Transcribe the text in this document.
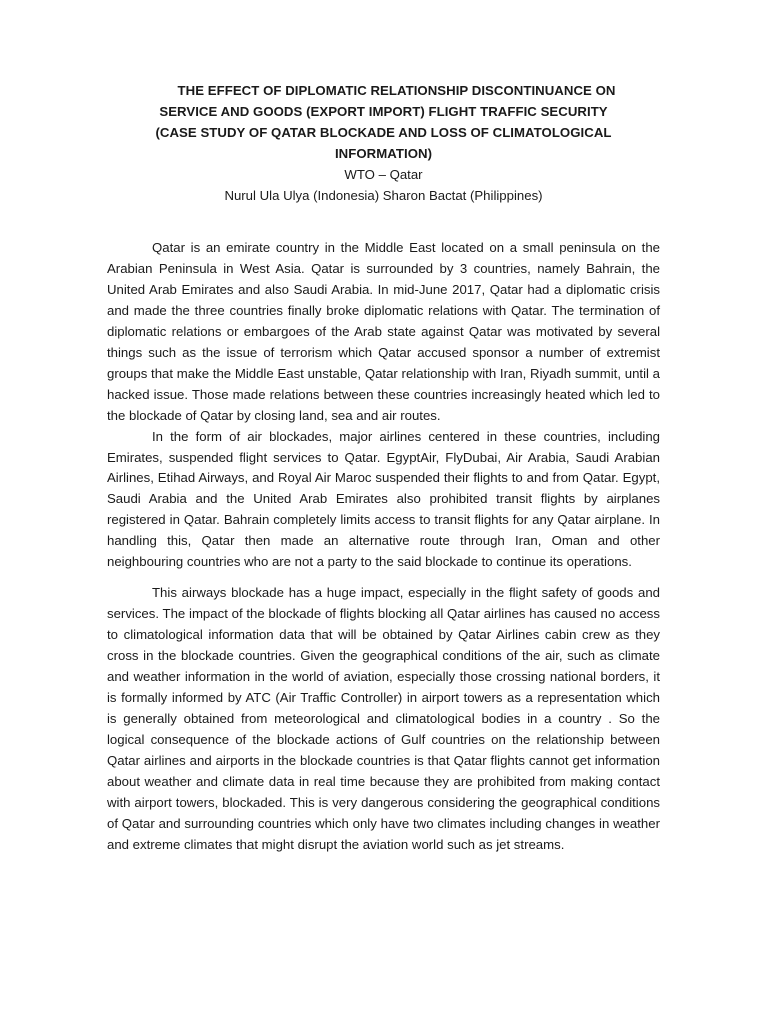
THE EFFECT OF DIPLOMATIC RELATIONSHIP DISCONTINUANCE ON
SERVICE AND GOODS (EXPORT IMPORT) FLIGHT TRAFFIC SECURITY
(CASE STUDY OF QATAR BLOCKADE AND LOSS OF CLIMATOLOGICAL
INFORMATION)
WTO – Qatar
Nurul Ula Ulya (Indonesia) Sharon Bactat (Philippines)

Qatar is an emirate country in the Middle East located on a small peninsula on the Arabian Peninsula in West Asia. Qatar is surrounded by 3 countries, namely Bahrain, the United Arab Emirates and also Saudi Arabia. In mid-June 2017, Qatar had a diplomatic crisis and made the three countries finally broke diplomatic relations with Qatar. The termination of diplomatic relations or embargoes of the Arab state against Qatar was motivated by several things such as the issue of terrorism which Qatar accused sponsor a number of extremist groups that make the Middle East unstable, Qatar relationship with Iran, Riyadh summit, until a hacked issue. Those made relations between these countries increasingly heated which led to the blockade of Qatar by closing land, sea and air routes.

In the form of air blockades, major airlines centered in these countries, including Emirates, suspended flight services to Qatar. EgyptAir, FlyDubai, Air Arabia, Saudi Arabian Airlines, Etihad Airways, and Royal Air Maroc suspended their flights to and from Qatar. Egypt, Saudi Arabia and the United Arab Emirates also prohibited transit flights by airplanes registered in Qatar. Bahrain completely limits access to transit flights for any Qatar airplane. In handling this, Qatar then made an alternative route through Iran, Oman and other neighbouring countries who are not a party to the said blockade to continue its operations.

This airways blockade has a huge impact, especially in the flight safety of goods and services. The impact of the blockade of flights blocking all Qatar airlines has caused no access to climatological information data that will be obtained by Qatar Airlines cabin crew as they cross in the blockade countries. Given the geographical conditions of the air, such as climate and weather information in the world of aviation, especially those crossing national borders, it is formally informed by ATC (Air Traffic Controller) in airport towers as a representation which is generally obtained from meteorological and climatological bodies in a country . So the logical consequence of the blockade actions of Gulf countries on the relationship between Qatar airlines and airports in the blockade countries is that Qatar flights cannot get information about weather and climate data in real time because they are prohibited from making contact with airport towers, blockaded. This is very dangerous considering the geographical conditions of Qatar and surrounding countries which only have two climates including changes in weather and extreme climates that might disrupt the aviation world such as jet streams.
